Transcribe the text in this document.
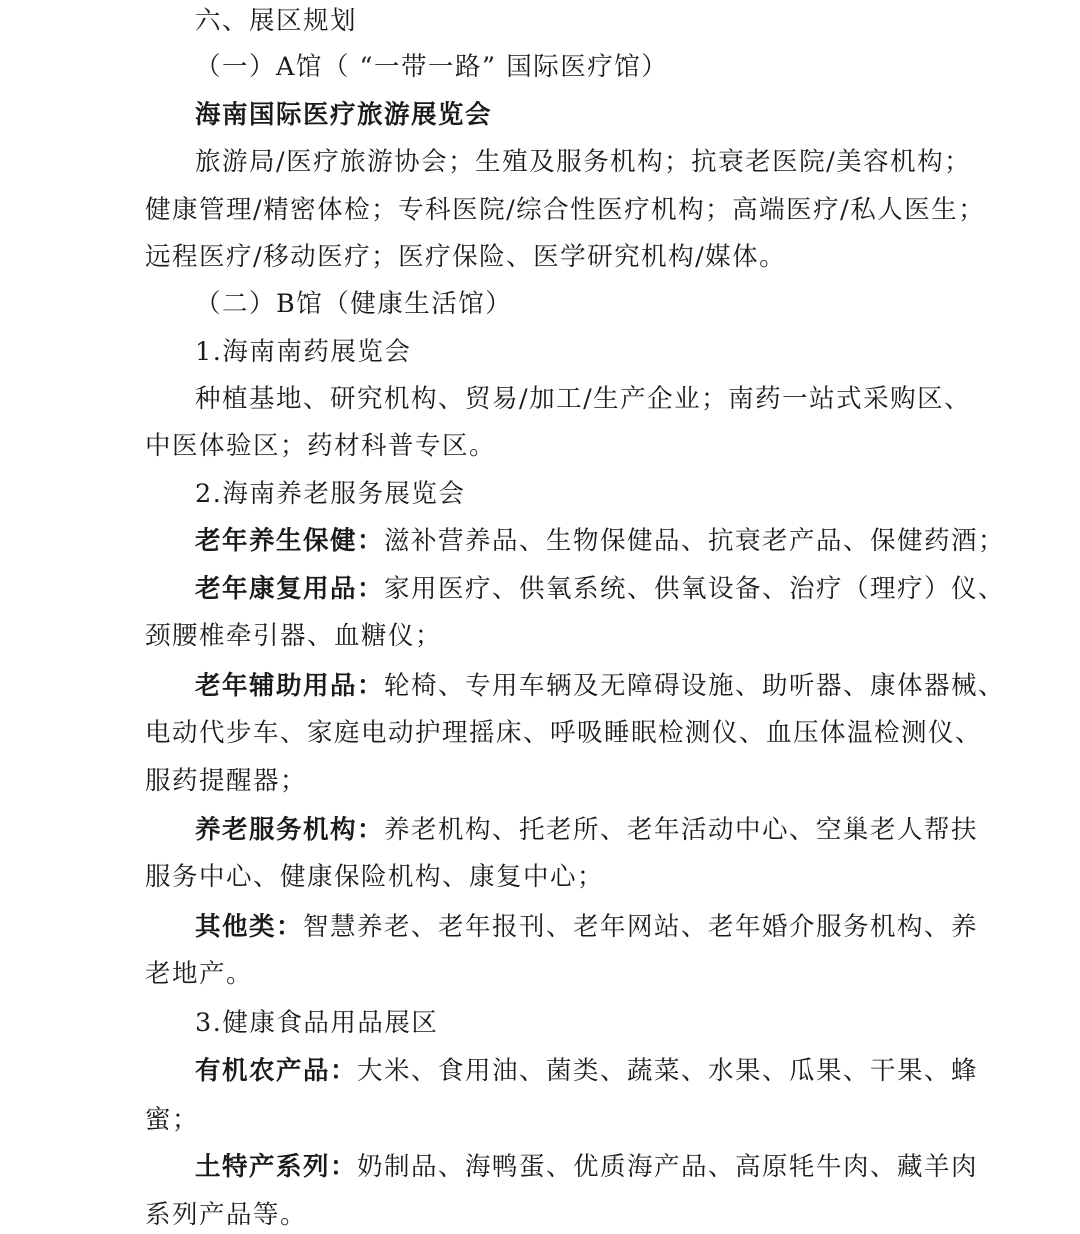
六、展区规划
（一）A馆（ “一带一路” 国际医疗馆）
海南国际医疗旅游展览会
旅游局/医疗旅游协会；生殖及服务机构；抗衰老医院/美容机构；
健康管理/精密体检；专科医院/综合性医疗机构；高端医疗/私人医生；
远程医疗/移动医疗；医疗保险、医学研究机构/媒体。
（二）B馆（健康生活馆）
1.海南南药展览会
种植基地、研究机构、贸易/加工/生产企业；南药一站式采购区、
中医体验区；药材科普专区。
2.海南养老服务展览会
老年养生保健：滋补营养品、生物保健品、抗衰老产品、保健药酒；
老年康复用品：家用医疗、供氧系统、供氧设备、治疗（理疗）仪、
颈腰椎牵引器、血糖仪；
老年辅助用品：轮椅、专用车辆及无障碍设施、助听器、康体器械、
电动代步车、家庭电动护理摇床、呼吸睡眠检测仪、血压体温检测仪、
服药提醒器；
养老服务机构：养老机构、托老所、老年活动中心、空巢老人帮扶
服务中心、健康保险机构、康复中心；
其他类：智慧养老、老年报刊、老年网站、老年婚介服务机构、养
老地产。
3.健康食品用品展区
有机农产品：大米、食用油、菌类、蔬菜、水果、瓜果、干果、蜂
蜜；
土特产系列：奶制品、海鸭蛋、优质海产品、高原牦牛肉、藏羊肉
系列产品等。
